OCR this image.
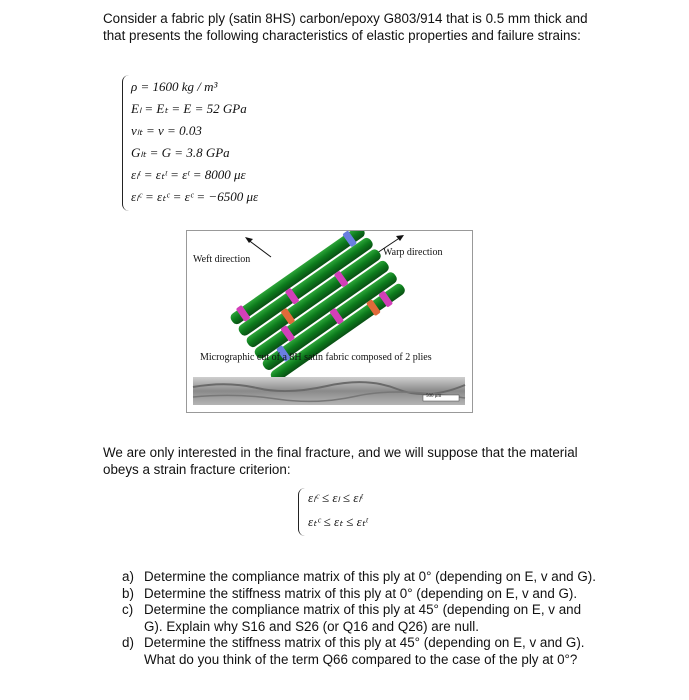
Consider a fabric ply (satin 8HS) carbon/epoxy G803/914 that is 0.5 mm thick and that presents the following characteristics of elastic properties and failure strains:
ρ = 1600 kg / m³
Eₗ = Eₜ = E = 52 GPa
νₗₜ = ν = 0.03
Gₗₜ = G = 3.8 GPa
εₗᵗ = εₜᵗ = εᵗ = 8000 με
εₗᶜ = εₜᶜ = εᶜ = −6500 με
Weft direction
Warp direction
Micrographic cut of a 8H satin fabric composed of 2 plies
500 μm
We are only interested in the final fracture, and we will suppose that the material obeys a strain fracture criterion:
εₗᶜ ≤ εₗ ≤ εₗᵗ
εₜᶜ ≤ εₜ ≤ εₜᵗ
a) Determine the compliance matrix of this ply at 0° (depending on E, v and G).
b) Determine the stiffness matrix of this ply at 0° (depending on E, v and G).
c) Determine the compliance matrix of this ply at 45° (depending on E, v and G). Explain why S16 and S26 (or Q16 and Q26) are null.
d) Determine the stiffness matrix of this ply at 45° (depending on E, v and G). What do you think of the term Q66 compared to the case of the ply at 0°?
